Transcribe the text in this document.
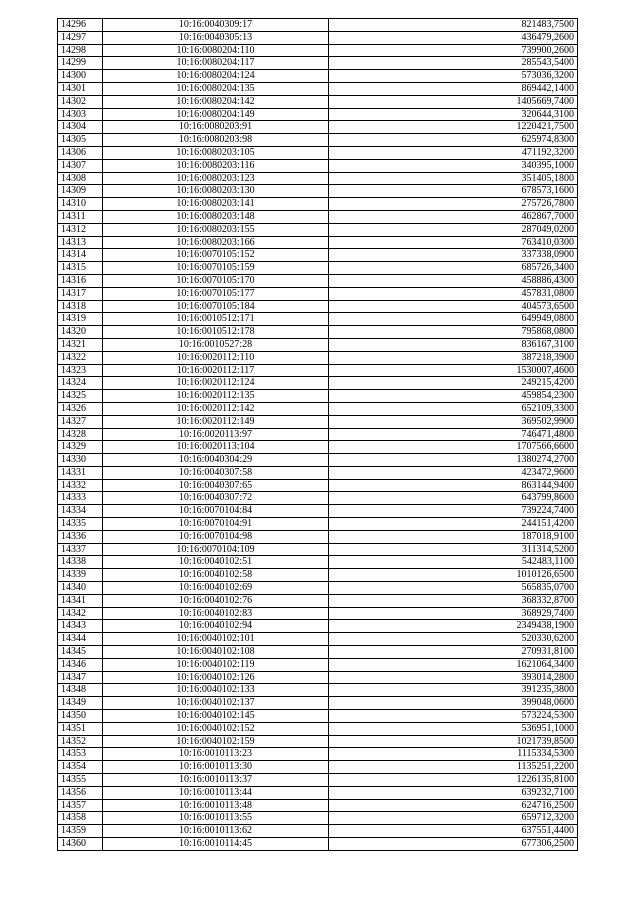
14296	10:16:0040309:17	821483,7500
14297	10:16:0040305:13	436479,2600
14298	10:16:0080204:110	739900,2600
14299	10:16:0080204:117	285543,5400
14300	10:16:0080204:124	573036,3200
14301	10:16:0080204:135	869442,1400
14302	10:16:0080204:142	1405669,7400
14303	10:16:0080204:149	320644,3100
14304	10:16:0080203:91	1220421,7500
14305	10:16:0080203:98	625974,8300
14306	10:16:0080203:105	471192,3200
14307	10:16:0080203:116	340395,1000
14308	10:16:0080203:123	351405,1800
14309	10:16:0080203:130	678573,1600
14310	10:16:0080203:141	275726,7800
14311	10:16:0080203:148	462867,7000
14312	10:16:0080203:155	287049,0200
14313	10:16:0080203:166	763410,0300
14314	10:16:0070105:152	337338,0900
14315	10:16:0070105:159	685726,3400
14316	10:16:0070105:170	458886,4300
14317	10:16:0070105:177	457831,0800
14318	10:16:0070105:184	404573,6500
14319	10:16:0010512:171	649949,0800
14320	10:16:0010512:178	795868,0800
14321	10:16:0010527:28	836167,3100
14322	10:16:0020112:110	387218,3900
14323	10:16:0020112:117	1530007,4600
14324	10:16:0020112:124	249215,4200
14325	10:16:0020112:135	459854,2300
14326	10:16:0020112:142	652109,3300
14327	10:16:0020112:149	369502,9900
14328	10:16:0020113:97	746471,4800
14329	10:16:0020113:104	1707566,6600
14330	10:16:0040304:29	1380274,2700
14331	10:16:0040307:58	423472,9600
14332	10:16:0040307:65	863144,9400
14333	10:16:0040307:72	643799,8600
14334	10:16:0070104:84	739224,7400
14335	10:16:0070104:91	244151,4200
14336	10:16:0070104:98	187018,9100
14337	10:16:0070104:109	311314,5200
14338	10:16:0040102:51	542483,1100
14339	10:16:0040102:58	1010126,6500
14340	10:16:0040102:69	565835,0700
14341	10:16:0040102:76	368332,8700
14342	10:16:0040102:83	368929,7400
14343	10:16:0040102:94	2349438,1900
14344	10:16:0040102:101	520330,6200
14345	10:16:0040102:108	270931,8100
14346	10:16:0040102:119	1621064,3400
14347	10:16:0040102:126	393014,2800
14348	10:16:0040102:133	391235,3800
14349	10:16:0040102:137	399048,0600
14350	10:16:0040102:145	573224,5300
14351	10:16:0040102:152	536951,1000
14352	10:16:0040102:159	1021739,8500
14353	10:16:0010113:23	1115334,5300
14354	10:16:0010113:30	1135251,2200
14355	10:16:0010113:37	1226135,8100
14356	10:16:0010113:44	639232,7100
14357	10:16:0010113:48	624716,2500
14358	10:16:0010113:55	659712,3200
14359	10:16:0010113:62	637551,4400
14360	10:16:0010114:45	677306,2500
